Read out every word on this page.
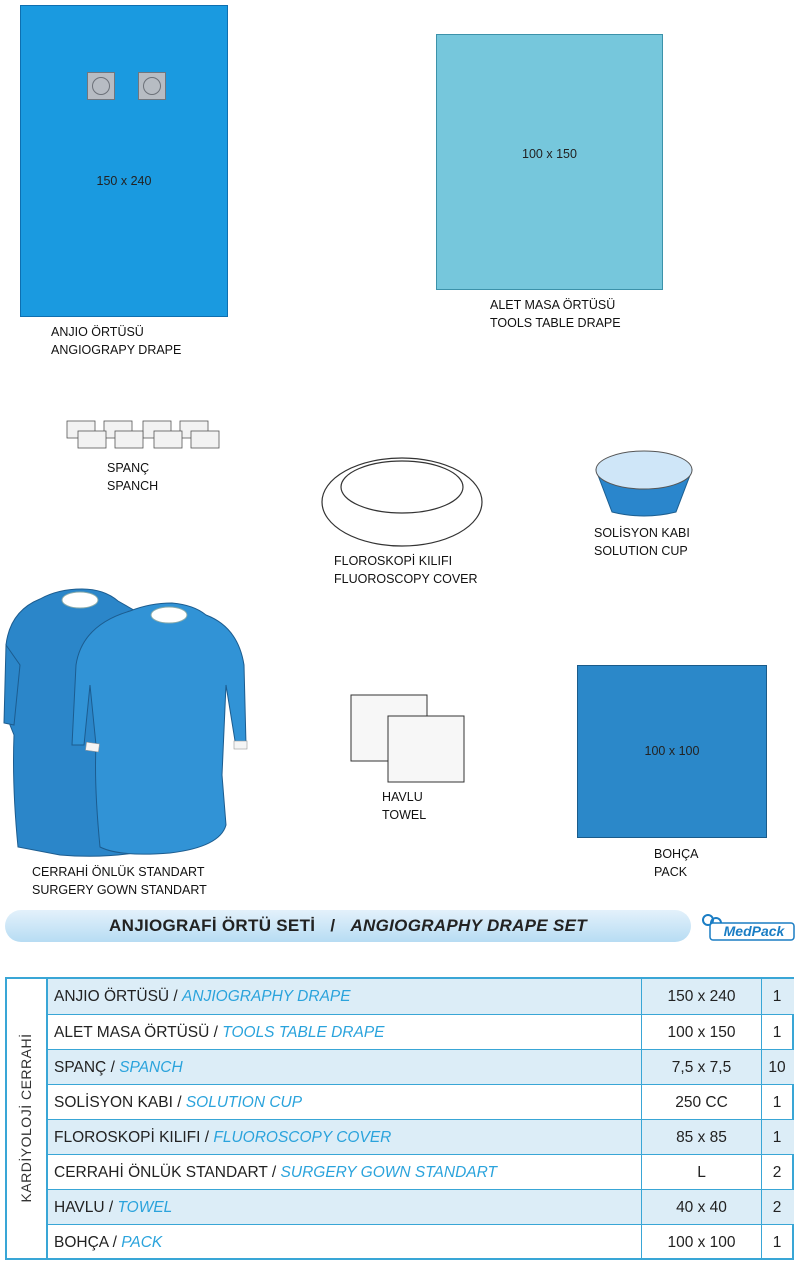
150 x 240
ANJIO ÖRTÜSÜ
ANGIOGRAPY DRAPE
100 x 150
ALET MASA ÖRTÜSÜ
TOOLS TABLE DRAPE
SPANÇ
SPANCH
FLOROSKOPİ KILIFI
FLUOROSCOPY COVER
SOLİSYON KABI
SOLUTION CUP
CERRAHİ ÖNLÜK STANDART
SURGERY GOWN STANDART
HAVLU
TOWEL
100 x 100
BOHÇA
PACK
ANJIOGRAFİ ÖRTÜ SETİ / ANGIOGRAPHY DRAPE SET	MedPack
KARDİYOLOJİ CERRAHİ
ANJIO ÖRTÜSÜ / ANJIOGRAPHY DRAPE	150 x 240	1
ALET MASA ÖRTÜSÜ / TOOLS TABLE DRAPE	100 x 150	1
SPANÇ / SPANCH	7,5 x 7,5	10
SOLİSYON KABI / SOLUTION CUP	250 CC	1
FLOROSKOPİ KILIFI / FLUOROSCOPY COVER	85 x 85	1
CERRAHİ ÖNLÜK STANDART / SURGERY GOWN STANDART	L	2
HAVLU / TOWEL	40 x 40	2
BOHÇA / PACK	100 x 100	1
